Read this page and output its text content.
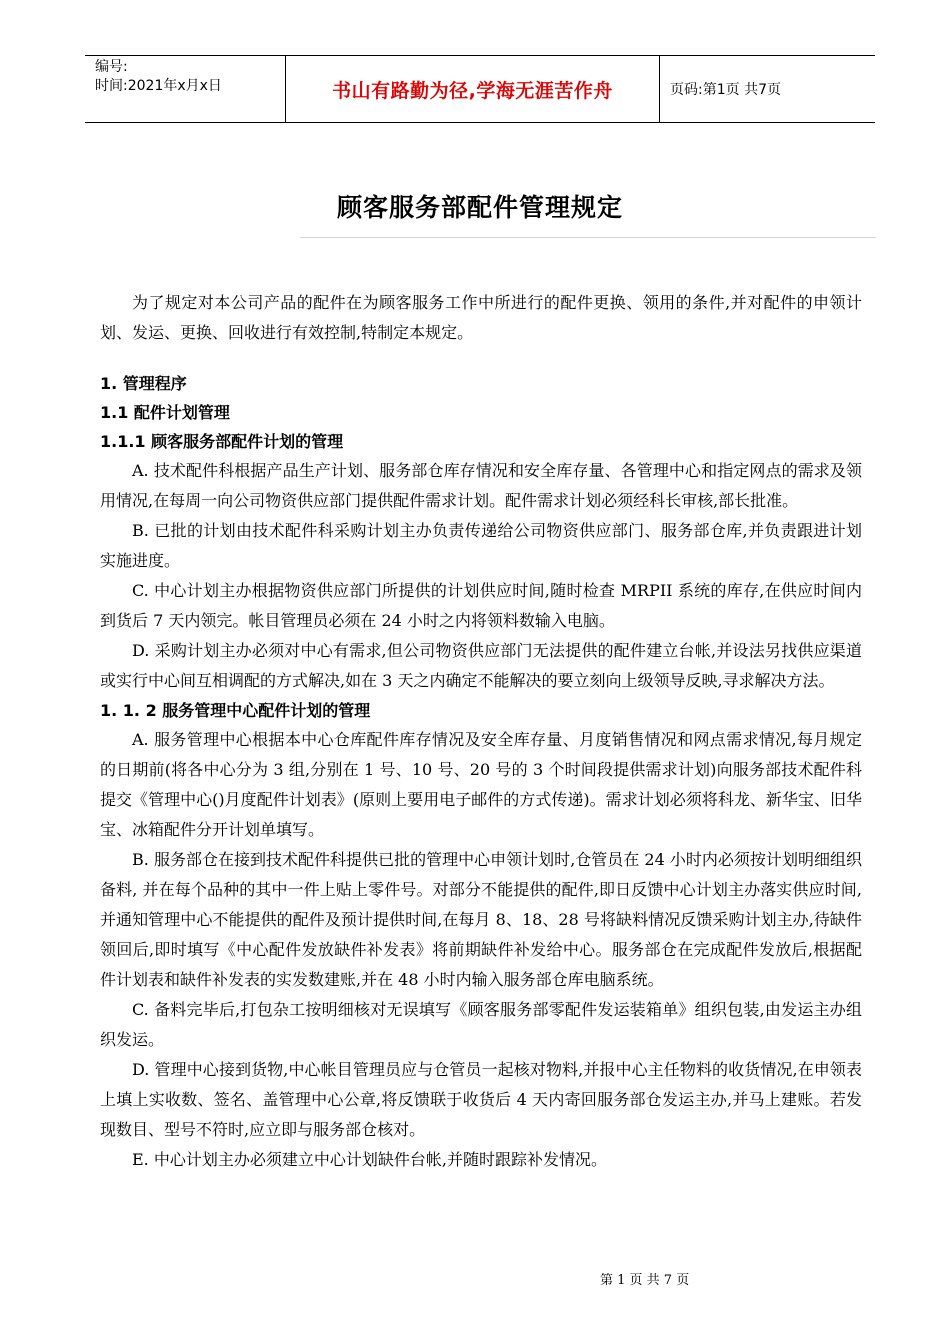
编号:
时间:2021年x月x日	书山有路勤为径,学海无涯苦作舟	页码:第1页 共7页
顾客服务部配件管理规定

为了规定对本公司产品的配件在为顾客服务工作中所进行的配件更换、领用的条件,并对配件的申领计划、发运、更换、回收进行有效控制,特制定本规定。

1. 管理程序
1.1 配件计划管理
1.1.1 顾客服务部配件计划的管理

A. 技术配件科根据产品生产计划、服务部仓库存情况和安全库存量、各管理中心和指定网点的需求及领用情况,在每周一向公司物资供应部门提供配件需求计划。配件需求计划必须经科长审核,部长批准。

B. 已批的计划由技术配件科采购计划主办负责传递给公司物资供应部门、服务部仓库,并负责跟进计划实施进度。

C. 中心计划主办根据物资供应部门所提供的计划供应时间,随时检查 MRPII 系统的库存,在供应时间内到货后 7 天内领完。帐目管理员必须在 24 小时之内将领料数输入电脑。

D. 采购计划主办必须对中心有需求,但公司物资供应部门无法提供的配件建立台帐,并设法另找供应渠道或实行中心间互相调配的方式解决,如在 3 天之内确定不能解决的要立刻向上级领导反映,寻求解决方法。

1. 1. 2 服务管理中心配件计划的管理

A. 服务管理中心根据本中心仓库配件库存情况及安全库存量、月度销售情况和网点需求情况,每月规定的日期前(将各中心分为 3 组,分别在 1 号、10 号、20 号的 3 个时间段提供需求计划)向服务部技术配件科提交《管理中心()月度配件计划表》(原则上要用电子邮件的方式传递)。需求计划必须将科龙、新华宝、旧华宝、冰箱配件分开计划单填写。

B. 服务部仓在接到技术配件科提供已批的管理中心申领计划时,仓管员在 24 小时内必须按计划明细组织备料, 并在每个品种的其中一件上贴上零件号。对部分不能提供的配件,即日反馈中心计划主办落实供应时间,并通知管理中心不能提供的配件及预计提供时间,在每月 8、18、28 号将缺料情况反馈采购计划主办,待缺件领回后,即时填写《中心配件发放缺件补发表》将前期缺件补发给中心。服务部仓在完成配件发放后,根据配件计划表和缺件补发表的实发数建账,并在 48 小时内输入服务部仓库电脑系统。

C. 备料完毕后,打包杂工按明细核对无误填写《顾客服务部零配件发运装箱单》组织包装,由发运主办组织发运。

D. 管理中心接到货物,中心帐目管理员应与仓管员一起核对物料,并报中心主任物料的收货情况,在申领表上填上实收数、签名、盖管理中心公章,将反馈联于收货后 4 天内寄回服务部仓发运主办,并马上建账。若发现数目、型号不符时,应立即与服务部仓核对。

E. 中心计划主办必须建立中心计划缺件台帐,并随时跟踪补发情况。

第 1 页 共 7 页
